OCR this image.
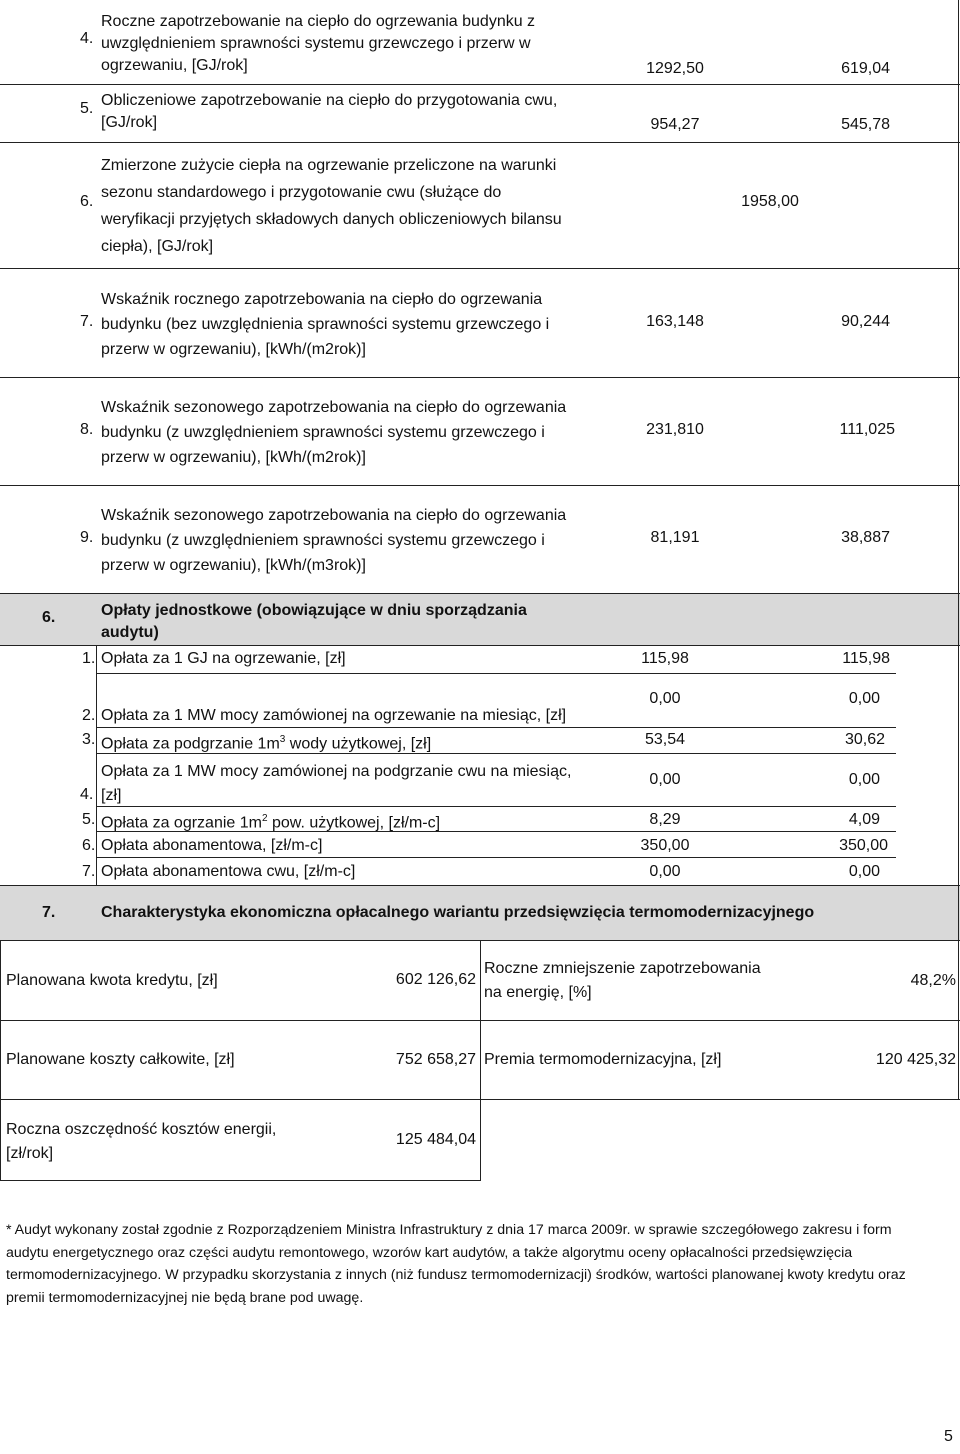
4.
Roczne zapotrzebowanie na ciepło do ogrzewania budynku z uwzględnieniem sprawności systemu grzewczego i przerw w ogrzewaniu, [GJ/rok]	1292,50	619,04
5. Obliczeniowe zapotrzebowanie na ciepło do przygotowania cwu, [GJ/rok]	954,27	545,78
6.
Zmierzone zużycie ciepła na ogrzewanie przeliczone na warunki sezonu standardowego i przygotowanie cwu (służące do weryfikacji przyjętych składowych danych obliczeniowych bilansu ciepła), [GJ/rok]
1958,00
7.
Wskaźnik rocznego zapotrzebowania na ciepło do ogrzewania budynku (bez uwzględnienia sprawności systemu grzewczego i przerw w ogrzewaniu), [kWh/(m2rok)]
163,148	90,244
8.
Wskaźnik sezonowego zapotrzebowania na ciepło do ogrzewania budynku (z uwzględnieniem sprawności systemu grzewczego i przerw w ogrzewaniu), [kWh/(m2rok)]
231,810	111,025
9.
Wskaźnik sezonowego zapotrzebowania na ciepło do ogrzewania budynku (z uwzględnieniem sprawności systemu grzewczego i przerw w ogrzewaniu), [kWh/(m3rok)]
81,191	38,887
6.	Opłaty jednostkowe (obowiązujące w dniu sporządzania audytu)
1. Opłata za 1 GJ na ogrzewanie, [zł]	115,98	115,98
2. Opłata za 1 MW mocy zamówionej na ogrzewanie na miesiąc, [zł]
0,00	0,00
3. Opłata za podgrzanie $1m^3$ wody użytkowej, [zł]	53,54	30,62
4.
Opłata za 1 MW mocy zamówionej na podgrzanie cwu na miesiąc, [zł]
0,00	0,00
5. Opłata za ogrzanie $1m^2$ pow. użytkowej, [zł/m-c]	8,29	4,09
6. Opłata abonamentowa, [zł/m-c]	350,00	350,00
7. Opłata abonamentowa cwu, [zł/m-c]	0,00	0,00
7.	Charakterystyka ekonomiczna opłacalnego wariantu przedsięwzięcia termomodernizacyjnego
Planowana kwota kredytu, [zł]	602 126,62
Roczne zmniejszenie zapotrzebowania na energię, [%]
48,2%
Planowane koszty całkowite, [zł]	752 658,27 Premia termomodernizacyjna, [zł]	120 425,32
Roczna oszczędność kosztów energii, [zł/rok]
125 484,04
* Audyt wykonany został zgodnie z Rozporządzeniem Ministra Infrastruktury z dnia 17 marca 2009r. w sprawie szczegółowego zakresu i form audytu energetycznego oraz części audytu remontowego, wzorów kart audytów, a także algorytmu oceny opłacalności przedsięwzięcia termomodernizacyjnego. W przypadku skorzystania z innych (niż fundusz termomodernizacji) środków, wartości planowanej kwoty kredytu oraz premii termomodernizacyjnej nie będą brane pod uwagę.
5
